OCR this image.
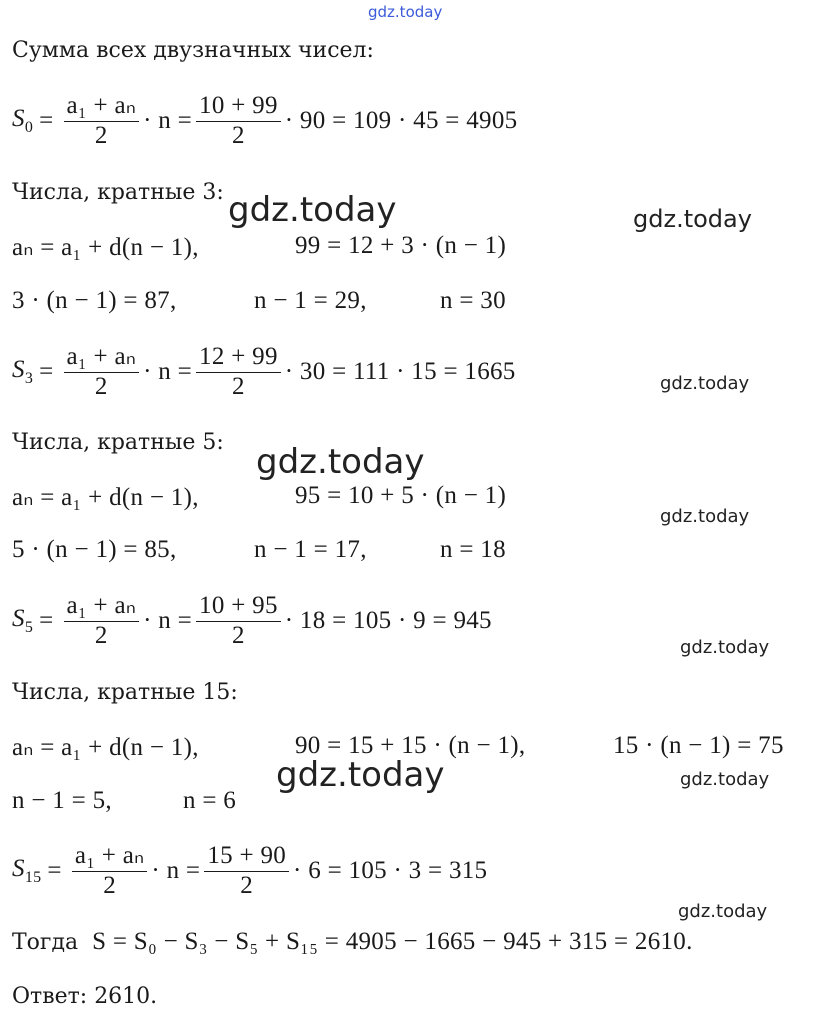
gdz.today
gdz.today	gdz.today
gdz.today
gdz.today
gdz.today
gdz.today
gdz.today	gdz.today
gdz.today
Сумма всех двузначных чисел:
$S_0 = \frac{\text{a₁ + aₙ}}{2} \cdot n = \frac{10 + 99}{2} \cdot 90 = 109 \cdot 45 = 4905$
Числа, кратные 3:
aₙ = a₁ + d(n − 1),	99 = 12 + 3 · (n − 1)
3 · (n − 1) = 87,	n − 1 = 29,	n = 30
$S_3 = \frac{\text{a₁ + aₙ}}{2} \cdot n = \frac{12 + 99}{2} \cdot 30 = 111 \cdot 15 = 1665$
Числа, кратные 5:
aₙ = a₁ + d(n − 1),	95 = 10 + 5 · (n − 1)
5 · (n − 1) = 85,	n − 1 = 17,	n = 18
$S_5 = \frac{\text{a₁ + aₙ}}{2} \cdot n = \frac{10 + 95}{2} \cdot 18 = 105 \cdot 9 = 945$
Числа, кратные 15:
aₙ = a₁ + d(n − 1),	90 = 15 + 15 · (n − 1),	15 · (n − 1) = 75
n − 1 = 5,	n = 6
$S_{15} = \frac{\text{a₁ + aₙ}}{2} \cdot n = \frac{15 + 90}{2} \cdot 6 = 105 \cdot 3 = 315$
Тогда S = S₀ − S₃ − S₅ + S₁₅ = 4905 − 1665 − 945 + 315 = 2610.
Ответ: 2610.
